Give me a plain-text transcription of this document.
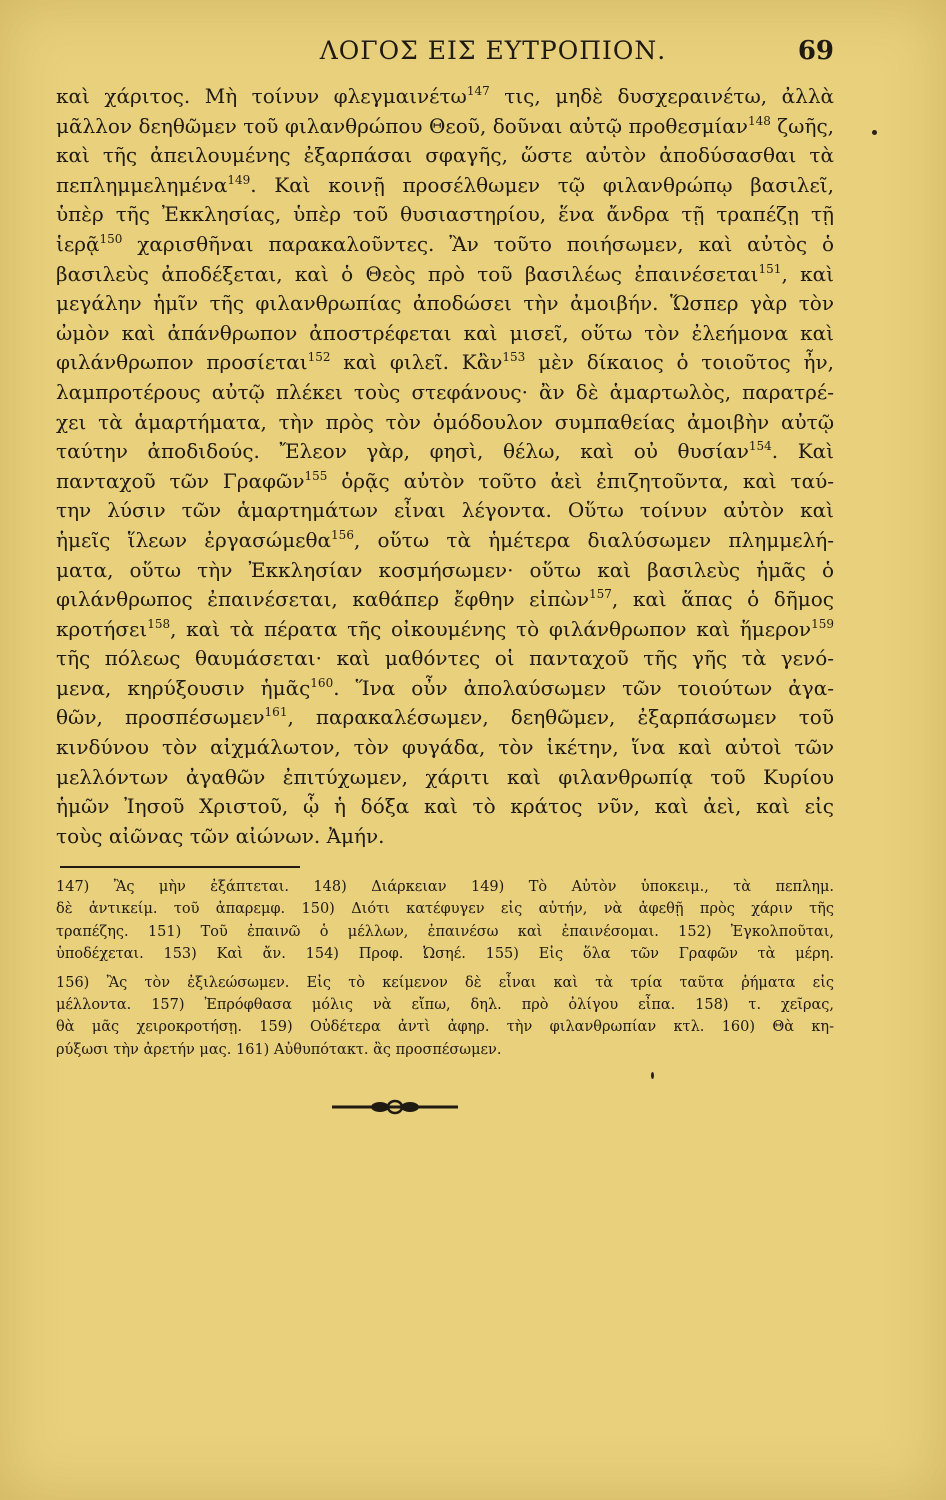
ΛΟΓΟΣ ΕΙΣ ΕΥΤΡΟΠΙΟΝ.	69
καὶ χάριτος. Μὴ τοίνυν φλεγμαινέτω$^{147}$ τις, μηδὲ δυσχεραινέτω, ἀλλὰ
μᾶλλον δεηθῶμεν τοῦ φιλανθρώπου Θεοῦ, δοῦναι αὐτῷ προθεσμίαν$^{148}$ ζωῆς,
καὶ τῆς ἀπειλουμένης ἐξαρπάσαι σφαγῆς, ὥστε αὐτὸν ἀποδύσασθαι τὰ
πεπλημμελημένα$^{149}$. Καὶ κοινῇ προσέλθωμεν τῷ φιλανθρώπῳ βασιλεῖ,
ὑπὲρ τῆς Ἐκκλησίας, ὑπὲρ τοῦ θυσιαστηρίου, ἕνα ἄνδρα τῇ τραπέζῃ τῇ
ἱερᾷ$^{150}$ χαρισθῆναι παρακαλοῦντες. Ἂν τοῦτο ποιήσωμεν, καὶ αὐτὸς ὁ
βασιλεὺς ἀποδέξεται, καὶ ὁ Θεὸς πρὸ τοῦ βασιλέως ἐπαινέσεται$^{151}$, καὶ
μεγάλην ἡμῖν τῆς φιλανθρωπίας ἀποδώσει τὴν ἀμοιβήν. Ὥσπερ γὰρ τὸν
ὠμὸν καὶ ἀπάνθρωπον ἀποστρέφεται καὶ μισεῖ, οὕτω τὸν ἐλεήμονα καὶ
φιλάνθρωπον προσίεται$^{152}$ καὶ φιλεῖ. Κἂν$^{153}$ μὲν δίκαιος ὁ τοιοῦτος ἦν,
λαμπροτέρους αὐτῷ πλέκει τοὺς στεφάνους· ἂν δὲ ἁμαρτωλὸς, παρατρέ-
χει τὰ ἁμαρτήματα, τὴν πρὸς τὸν ὁμόδουλον συμπαθείας ἀμοιβὴν αὐτῷ
ταύτην ἀποδιδούς. Ἔλεον γὰρ, φησὶ, θέλω, καὶ οὐ θυσίαν$^{154}$. Καὶ
πανταχοῦ τῶν Γραφῶν$^{155}$ ὁρᾷς αὐτὸν τοῦτο ἀεὶ ἐπιζητοῦντα, καὶ ταύ-
την λύσιν τῶν ἁμαρτημάτων εἶναι λέγοντα. Οὕτω τοίνυν αὐτὸν καὶ
ἡμεῖς ἵλεων ἐργασώμεθα$^{156}$, οὕτω τὰ ἡμέτερα διαλύσωμεν πλημμελή-
ματα, οὕτω τὴν Ἐκκλησίαν κοσμήσωμεν· οὕτω καὶ βασιλεὺς ἡμᾶς ὁ
φιλάνθρωπος ἐπαινέσεται, καθάπερ ἔφθην εἰπὼν$^{157}$, καὶ ἅπας ὁ δῆμος
κροτήσει$^{158}$, καὶ τὰ πέρατα τῆς οἰκουμένης τὸ φιλάνθρωπον καὶ ἥμερον$^{159}$
τῆς πόλεως θαυμάσεται· καὶ μαθόντες οἱ πανταχοῦ τῆς γῆς τὰ γενό-
μενα, κηρύξουσιν ἡμᾶς$^{160}$. Ἵνα οὖν ἀπολαύσωμεν τῶν τοιούτων ἀγα-
θῶν, προσπέσωμεν$^{161}$, παρακαλέσωμεν, δεηθῶμεν, ἐξαρπάσωμεν τοῦ
κινδύνου τὸν αἰχμάλωτον, τὸν φυγάδα, τὸν ἱκέτην, ἵνα καὶ αὐτοὶ τῶν
μελλόντων ἀγαθῶν ἐπιτύχωμεν, χάριτι καὶ φιλανθρωπίᾳ τοῦ Κυρίου
ἡμῶν Ἰησοῦ Χριστοῦ, ᾧ ἡ δόξα καὶ τὸ κράτος νῦν, καὶ ἀεὶ, καὶ εἰς
τοὺς αἰῶνας τῶν αἰώνων. Ἀμήν.
147) Ἂς μὴν ἐξάπτεται. 148) Διάρκειαν 149) Τὸ Αὐτὸν ὑποκειμ., τὰ πεπλημ.
δὲ ἀντικείμ. τοῦ ἀπαρεμφ. 150) Διότι κατέφυγεν εἰς αὐτήν, νὰ ἀφεθῇ πρὸς χάριν τῆς
τραπέζης. 151) Τοῦ ἐπαινῶ ὁ μέλλων, ἐπαινέσω καὶ ἐπαινέσομαι. 152) Ἐγκολποῦται,
ὑποδέχεται. 153) Καὶ ἄν. 154) Προφ. Ὠσηέ. 155) Εἰς ὅλα τῶν Γραφῶν τὰ μέρη.
156) Ἂς τὸν ἐξιλεώσωμεν. Εἰς τὸ κείμενον δὲ εἶναι καὶ τὰ τρία ταῦτα ῥήματα εἰς
μέλλοντα. 157) Ἐπρόφθασα μόλις νὰ εἴπω, δηλ. πρὸ ὀλίγου εἶπα. 158) τ. χεῖρας,
θὰ μᾶς χειροκροτήσῃ. 159) Οὐδέτερα ἀντὶ ἀφηρ. τὴν φιλανθρωπίαν κτλ. 160) Θὰ κη-
ρύξωσι τὴν ἀρετήν μας. 161) Αὐθυπότακτ. ἂς προσπέσωμεν.
